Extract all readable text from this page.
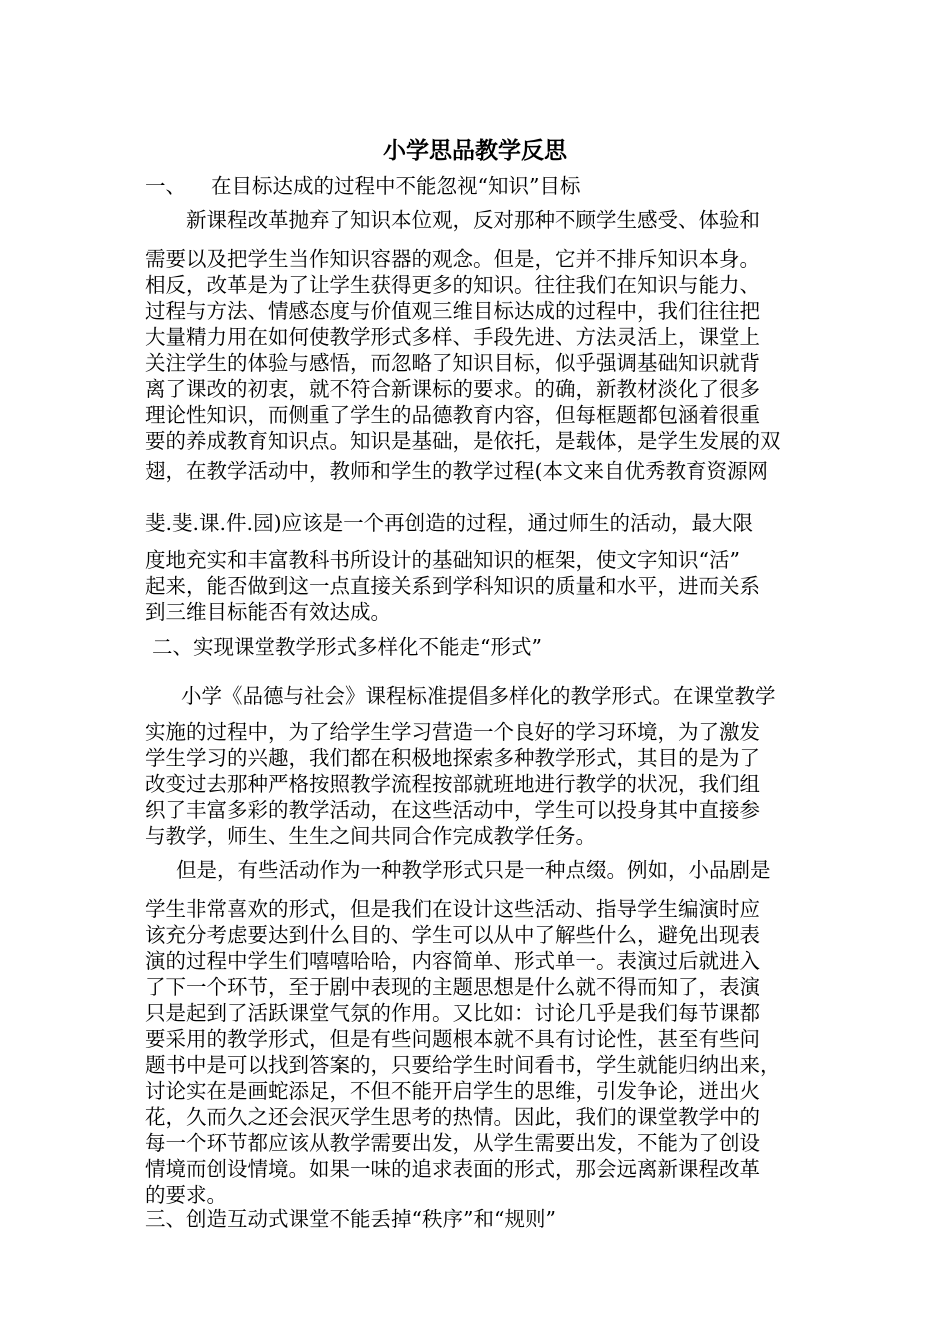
小学思品教学反思
一、 在目标达成的过程中不能忽视“知识”目标
新课程改革抛弃了知识本位观，反对那种不顾学生感受、体验和
需要以及把学生当作知识容器的观念。但是，它并不排斥知识本身。
相反，改革是为了让学生获得更多的知识。往往我们在知识与能力、
过程与方法、情感态度与价值观三维目标达成的过程中，我们往往把
大量精力用在如何使教学形式多样、手段先进、方法灵活上，课堂上
关注学生的体验与感悟，而忽略了知识目标，似乎强调基础知识就背
离了课改的初衷，就不符合新课标的要求。的确，新教材淡化了很多
理论性知识，而侧重了学生的品德教育内容，但每框题都包涵着很重
要的养成教育知识点。知识是基础，是依托，是载体，是学生发展的双
翅，在教学活动中，教师和学生的教学过程(本文来自优秀教育资源网
斐.斐.课.件.园)应该是一个再创造的过程，通过师生的活动，最大限
度地充实和丰富教科书所设计的基础知识的框架，使文字知识“活”
起来，能否做到这一点直接关系到学科知识的质量和水平，进而关系
到三维目标能否有效达成。
二、实现课堂教学形式多样化不能走“形式”
小学《品德与社会》课程标准提倡多样化的教学形式。在课堂教学
实施的过程中，为了给学生学习营造一个良好的学习环境，为了激发
学生学习的兴趣，我们都在积极地探索多种教学形式，其目的是为了
改变过去那种严格按照教学流程按部就班地进行教学的状况，我们组
织了丰富多彩的教学活动，在这些活动中，学生可以投身其中直接参
与教学，师生、生生之间共同合作完成教学任务。
但是，有些活动作为一种教学形式只是一种点缀。例如，小品剧是
学生非常喜欢的形式，但是我们在设计这些活动、指导学生编演时应
该充分考虑要达到什么目的、学生可以从中了解些什么，避免出现表
演的过程中学生们嘻嘻哈哈，内容简单、形式单一。表演过后就进入
了下一个环节，至于剧中表现的主题思想是什么就不得而知了，表演
只是起到了活跃课堂气氛的作用。又比如：讨论几乎是我们每节课都
要采用的教学形式，但是有些问题根本就不具有讨论性，甚至有些问
题书中是可以找到答案的，只要给学生时间看书，学生就能归纳出来，
讨论实在是画蛇添足，不但不能开启学生的思维，引发争论，迸出火
花，久而久之还会泯灭学生思考的热情。因此，我们的课堂教学中的
每一个环节都应该从教学需要出发，从学生需要出发，不能为了创设
情境而创设情境。如果一味的追求表面的形式，那会远离新课程改革
的要求。
三、创造互动式课堂不能丢掉“秩序”和“规则”
